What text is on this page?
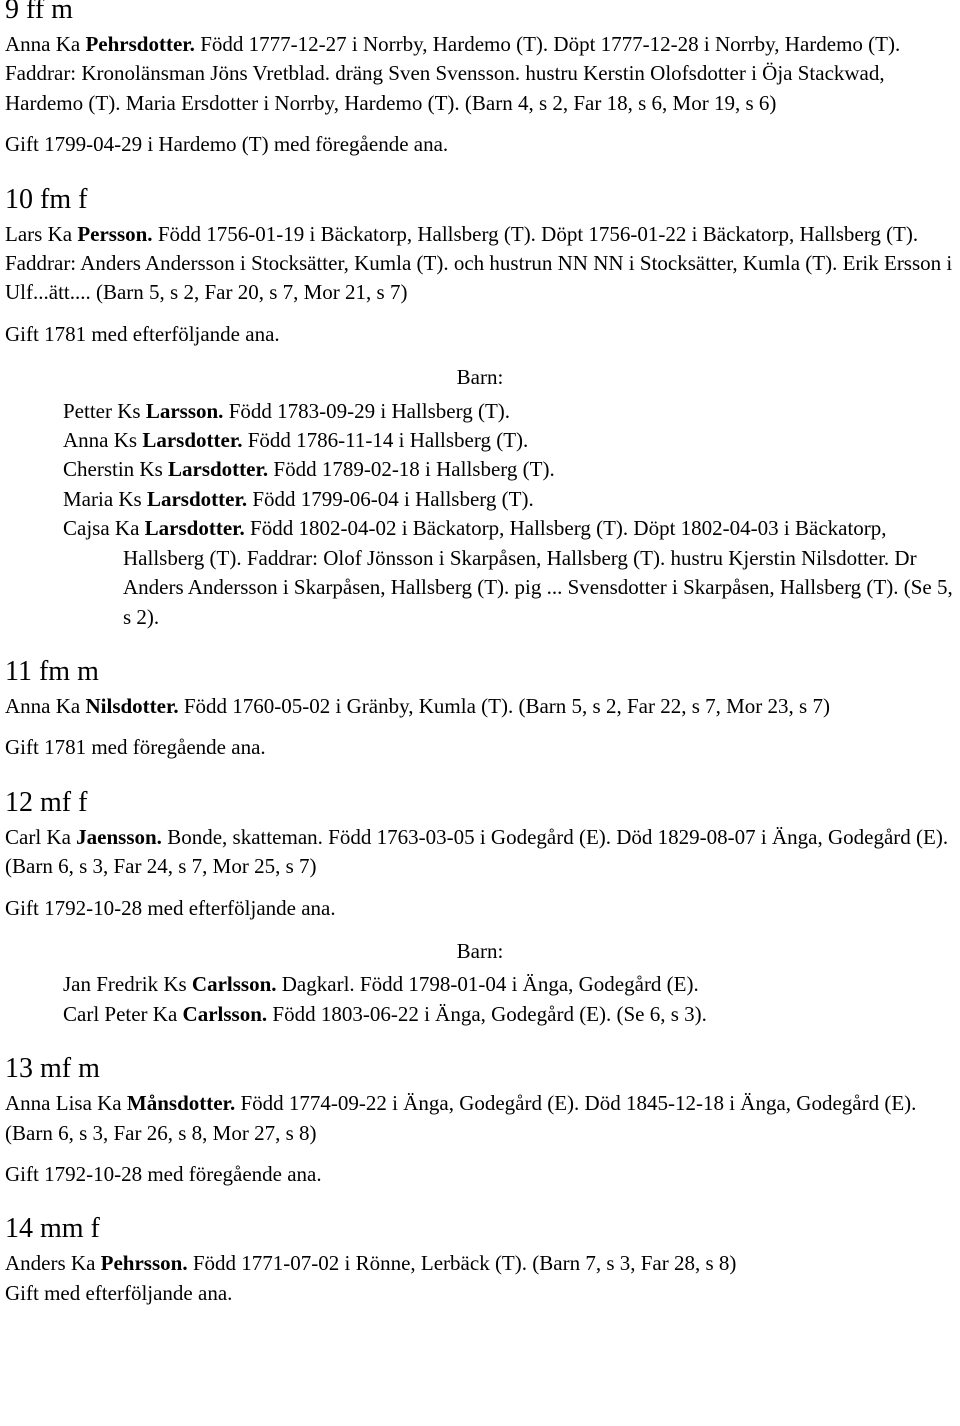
9 ff m

Anna Ka Pehrsdotter. Född 1777-12-27 i Norrby, Hardemo (T). Döpt 1777-12-28 i Norrby, Hardemo (T). Faddrar: Kronolänsman Jöns Vretblad. dräng Sven Svensson. hustru Kerstin Olofsdotter i Öja Stackwad, Hardemo (T). Maria Ersdotter i Norrby, Hardemo (T). (Barn 4, s 2, Far 18, s 6, Mor 19, s 6)

Gift 1799-04-29 i Hardemo (T) med föregående ana.

10 fm f

Lars Ka Persson. Född 1756-01-19 i Bäckatorp, Hallsberg (T). Döpt 1756-01-22 i Bäckatorp, Hallsberg (T). Faddrar: Anders Andersson i Stocksätter, Kumla (T). och hustrun NN NN i Stocksätter, Kumla (T). Erik Ersson i Ulf...ätt.... (Barn 5, s 2, Far 20, s 7, Mor 21, s 7)

Gift 1781 med efterföljande ana.

Barn:

Petter Ks Larsson. Född 1783-09-29 i Hallsberg (T).

Anna Ks Larsdotter. Född 1786-11-14 i Hallsberg (T).

Cherstin Ks Larsdotter. Född 1789-02-18 i Hallsberg (T).

Maria Ks Larsdotter. Född 1799-06-04 i Hallsberg (T).

Cajsa Ka Larsdotter. Född 1802-04-02 i Bäckatorp, Hallsberg (T). Döpt 1802-04-03 i Bäckatorp, Hallsberg (T). Faddrar: Olof Jönsson i Skarpåsen, Hallsberg (T). hustru Kjerstin Nilsdotter. Dr Anders Andersson i Skarpåsen, Hallsberg (T). pig ... Svensdotter i Skarpåsen, Hallsberg (T). (Se 5, s 2).

11 fm m

Anna Ka Nilsdotter. Född 1760-05-02 i Gränby, Kumla (T). (Barn 5, s 2, Far 22, s 7, Mor 23, s 7)

Gift 1781 med föregående ana.

12 mf f

Carl Ka Jaensson. Bonde, skatteman. Född 1763-03-05 i Godegård (E). Död 1829-08-07 i Änga, Godegård (E). (Barn 6, s 3, Far 24, s 7, Mor 25, s 7)

Gift 1792-10-28 med efterföljande ana.

Barn:

Jan Fredrik Ks Carlsson. Dagkarl. Född 1798-01-04 i Änga, Godegård (E).

Carl Peter Ka Carlsson. Född 1803-06-22 i Änga, Godegård (E). (Se 6, s 3).

13 mf m

Anna Lisa Ka Månsdotter. Född 1774-09-22 i Änga, Godegård (E). Död 1845-12-18 i Änga, Godegård (E). (Barn 6, s 3, Far 26, s 8, Mor 27, s 8)

Gift 1792-10-28 med föregående ana.

14 mm f

Anders Ka Pehrsson. Född 1771-07-02 i Rönne, Lerbäck (T). (Barn 7, s 3, Far 28, s 8)

Gift med efterföljande ana.
